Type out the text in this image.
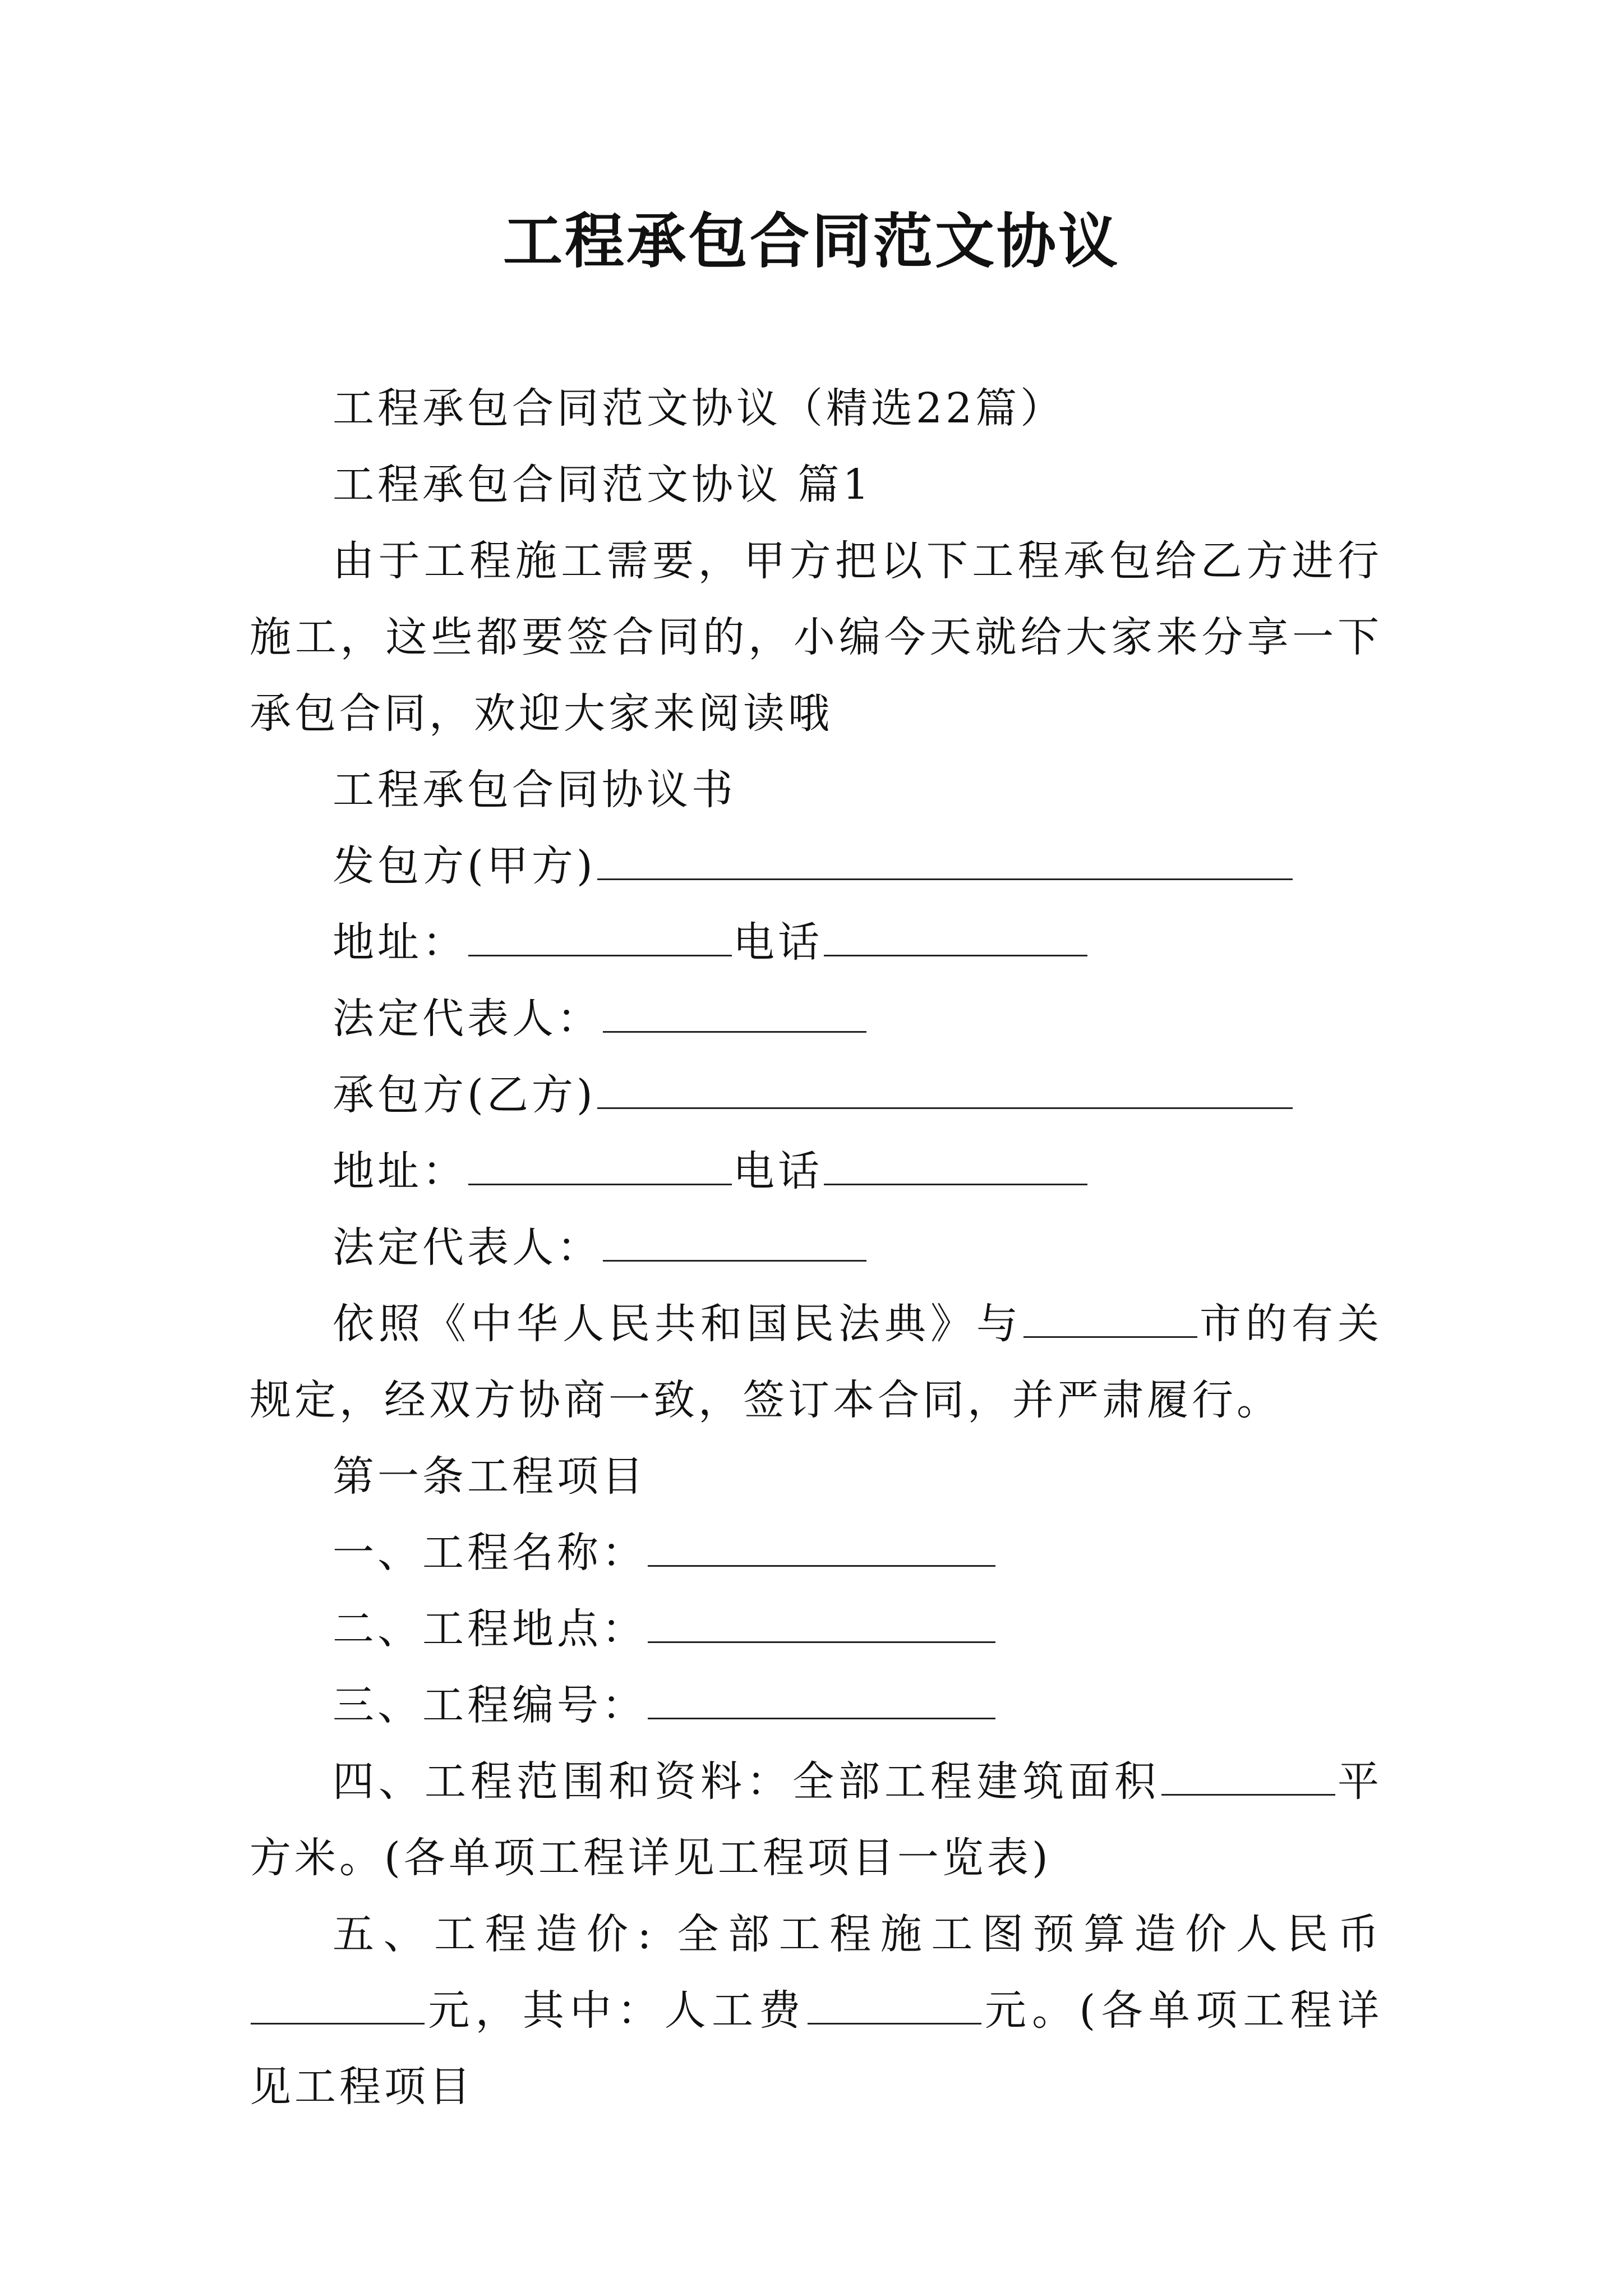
工程承包合同范文协议

工程承包合同范文协议（精选22篇）

工程承包合同范文协议 篇1

由于工程施工需要，甲方把以下工程承包给乙方进行施工，这些都要签合同的，小编今天就给大家来分享一下承包合同，欢迎大家来阅读哦

工程承包合同协议书

发包方(甲方)

地址：	电话

法定代表人：

承包方(乙方)

地址：	电话

法定代表人：

依照《中华人民共和国民法典》与	市的有关规定，经双方协商一致，签订本合同，并严肃履行。

第一条工程项目

一、工程名称：

二、工程地点：

三、工程编号：

四、工程范围和资料：全部工程建筑面积	平方米。(各单项工程详见工程项目一览表)

五、工程造价: 全部工程施工图预算造价人民币元，其中：人工费	元。(各单项工程详见工程项目
